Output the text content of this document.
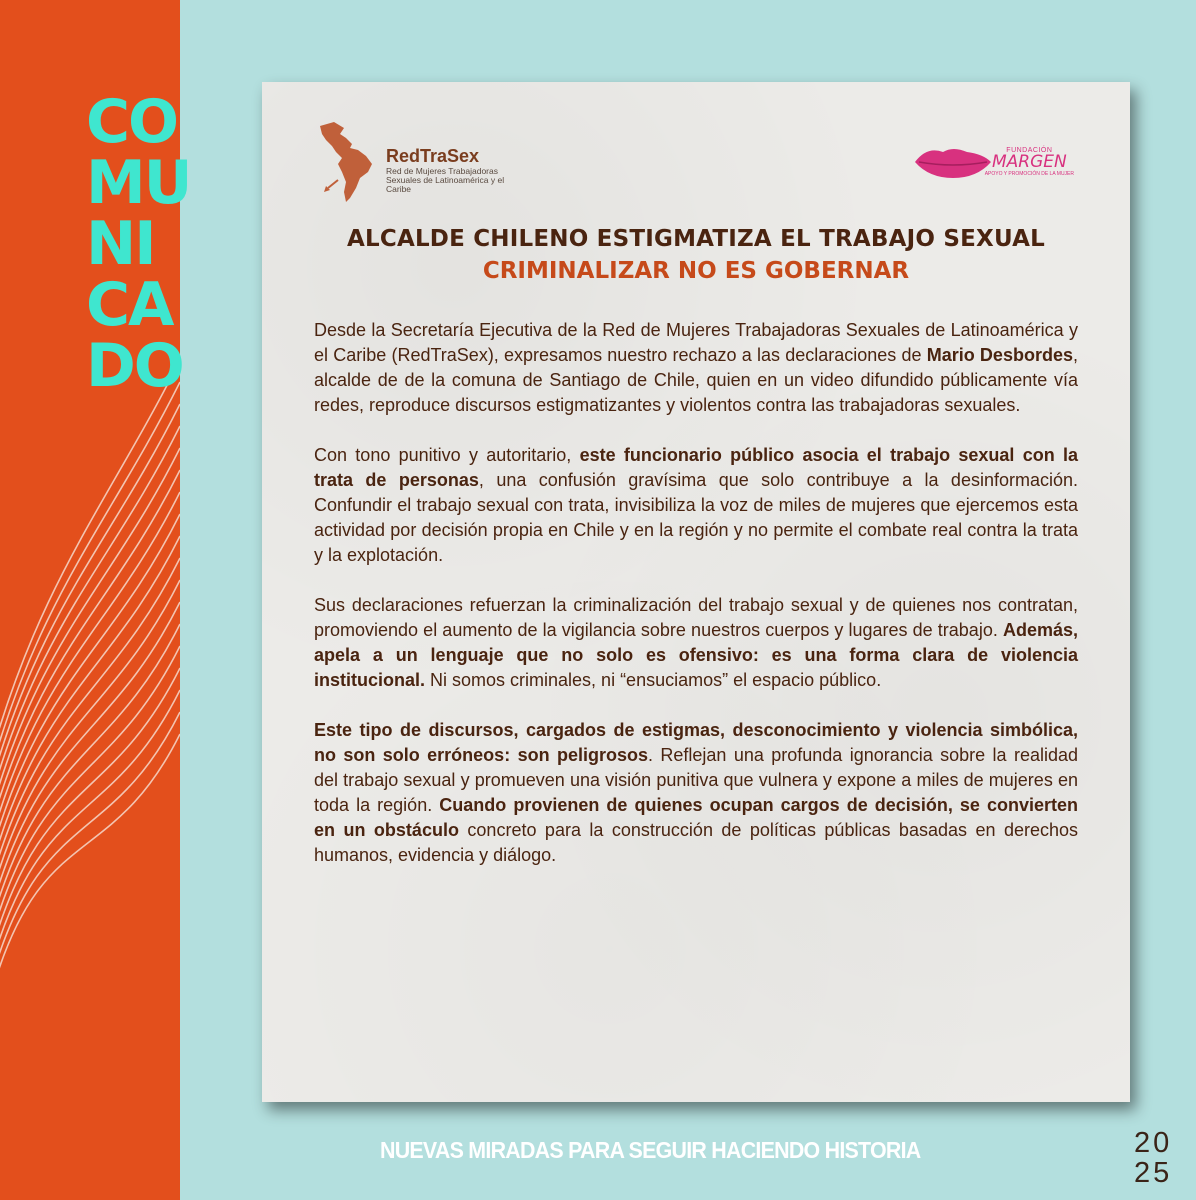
CO
MU
NI
CA
DO
RedTraSex
Red de Mujeres Trabajadoras Sexuales de Latinoamérica y el Caribe
FUNDACIÓN
MARGEN
APOYO Y PROMOCIÓN DE LA MUJER
ALCALDE CHILENO ESTIGMATIZA EL TRABAJO SEXUAL
CRIMINALIZAR NO ES GOBERNAR

Desde la Secretaría Ejecutiva de la Red de Mujeres Trabajadoras Sexuales de Latinoamérica y el Caribe (RedTraSex), expresamos nuestro rechazo a las declaraciones de Mario Desbordes, alcalde de de la comuna de Santiago de Chile, quien en un video difundido públicamente vía redes, reproduce discursos estigmatizantes y violentos contra las trabajadoras sexuales.

Con tono punitivo y autoritario, este funcionario público asocia el trabajo sexual con la trata de personas, una confusión gravísima que solo contribuye a la desinformación. Confundir el trabajo sexual con trata, invisibiliza la voz de miles de mujeres que ejercemos esta actividad por decisión propia en Chile y en la región y no permite el combate real contra la trata y la explotación.

Sus declaraciones refuerzan la criminalización del trabajo sexual y de quienes nos contratan, promoviendo el aumento de la vigilancia sobre nuestros cuerpos y lugares de trabajo. Además, apela a un lenguaje que no solo es ofensivo: es una forma clara de violencia institucional. Ni somos criminales, ni “ensuciamos” el espacio público.

Este tipo de discursos, cargados de estigmas, desconocimiento y violencia simbólica, no son solo erróneos: son peligrosos. Reflejan una profunda ignorancia sobre la realidad del trabajo sexual y promueven una visión punitiva que vulnera y expone a miles de mujeres en toda la región. Cuando provienen de quienes ocupan cargos de decisión, se convierten en un obstáculo concreto para la construcción de políticas públicas basadas en derechos humanos, evidencia y diálogo.

NUEVAS MIRADAS PARA SEGUIR HACIENDO HISTORIA	20
25
